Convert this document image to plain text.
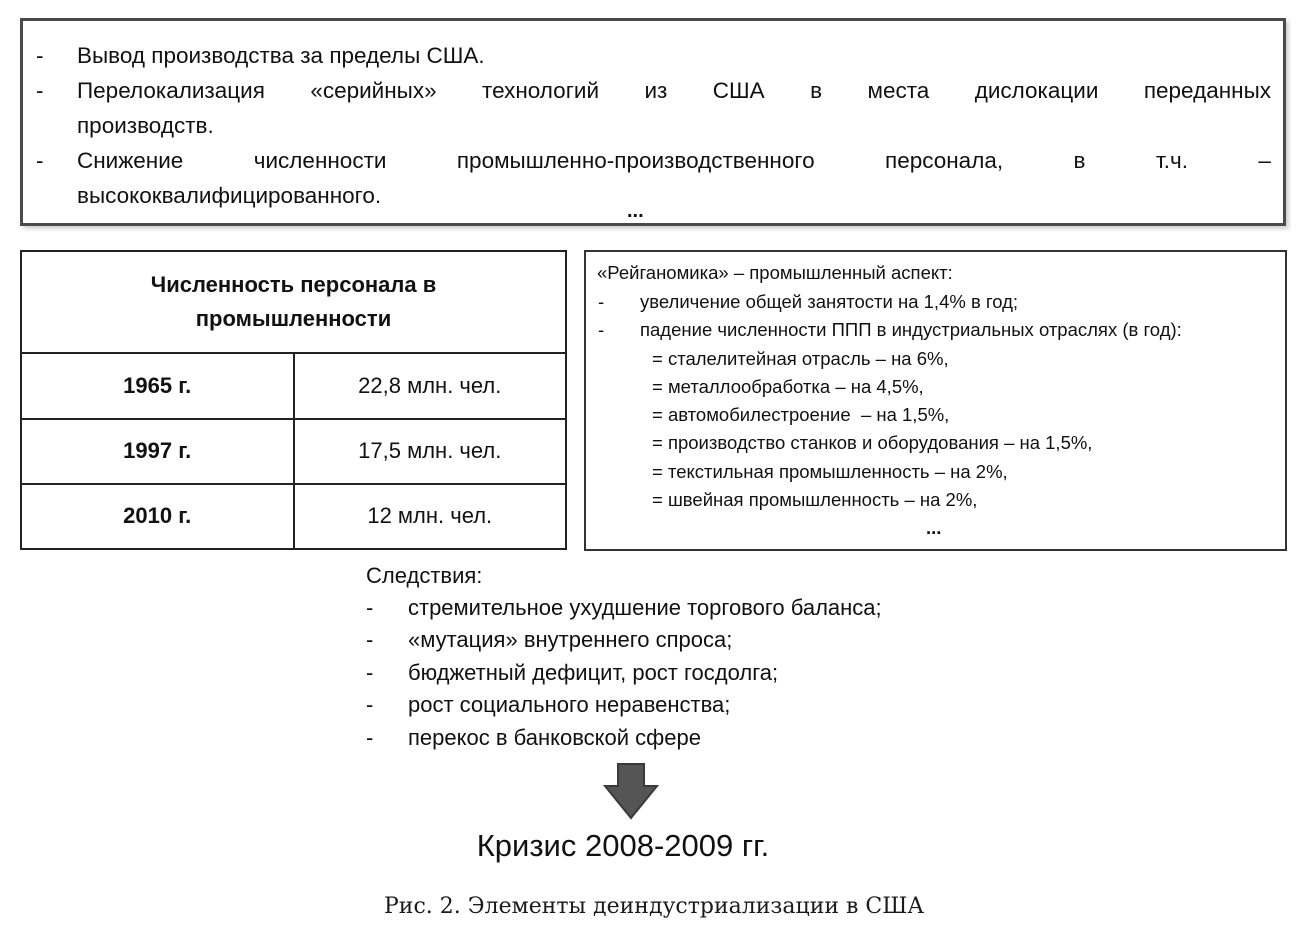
- Вывод производства за пределы США.
- Перелокализация «серийных» технологий из США в места дислокации переданных
производств.
- Снижение	численности	промышленно-производственного	персонала,	в	т.ч.	–
высококвалифицированного.
...
Численность персонала в промышленности	

1965 г.	22,8 млн. чел.
1997 г.	17,5 млн. чел.
2010 г.	12 млн. чел.
«Рейганомика» – промышленный аспект:
- увеличение общей занятости на 1,4% в год;
- падение численности ППП в индустриальных отраслях (в год):
= сталелитейная отрасль – на 6%,
= металлообработка – на 4,5%,
= автомобилестроение  – на 1,5%,
= производство станков и оборудования – на 1,5%,
= текстильная промышленность – на 2%,
= швейная промышленность – на 2%,
...
Следствия:
- стремительное ухудшение торгового баланса;
- «мутация» внутреннего спроса;
- бюджетный дефицит, рост госдолга;
- рост социального неравенства;
- перекос в банковской сфере
Кризис 2008-2009 гг.
Рис. 2. Элементы деиндустриализации в США
